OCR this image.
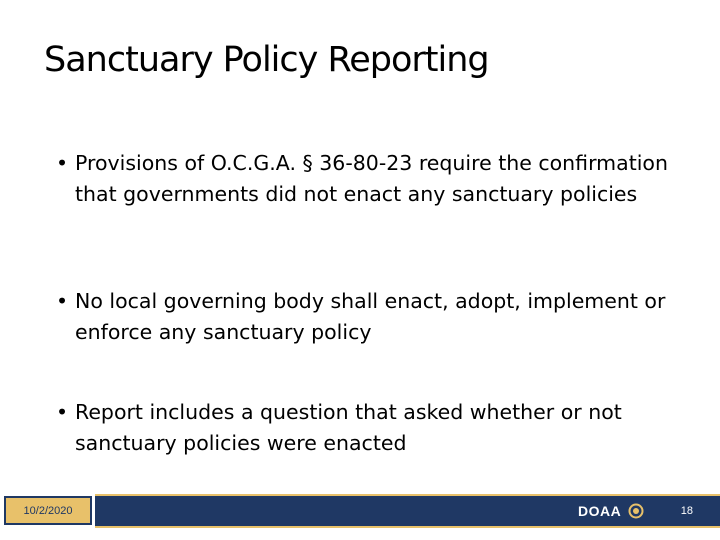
Sanctuary Policy Reporting
• Provisions of O.C.G.A. § 36-80-23 require the confirmation that governments did not enact any sanctuary policies
• No local governing body shall enact, adopt, implement or enforce any sanctuary policy
• Report includes a question that asked whether or not sanctuary policies were enacted
10/2/2020	DOAA	18
